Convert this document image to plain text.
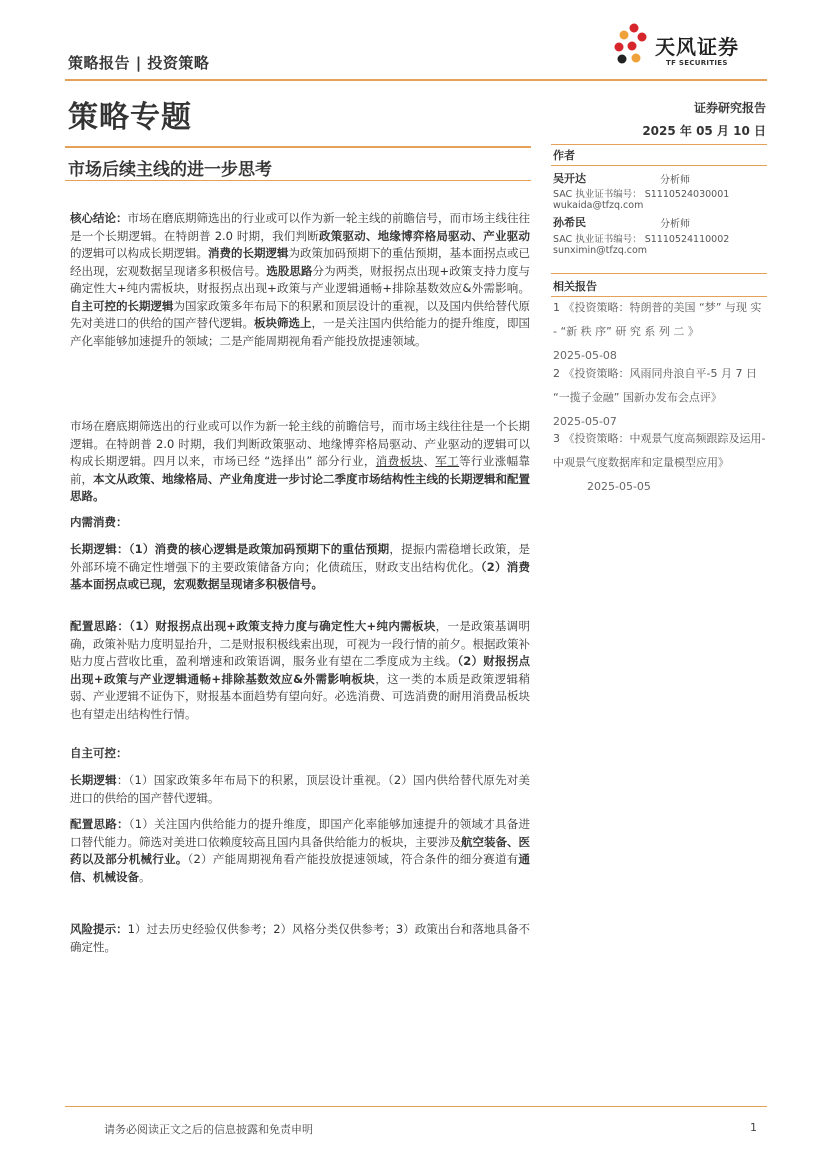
策略报告 | 投资策略
天风证券
TF SECURITIES
策略专题	证券研究报告
2025 年 05 月 10 日
市场后续主线的进一步思考
作者
吴开达	分析师
SAC 执业证书编号： S1110524030001
wukaida@tfzq.com
孙希民	分析师
SAC 执业证书编号： S1110524110002
sunximin@tfzq.com
相关报告
1 《投资策略：特朗普的美国 “梦” 与现 实 - “新 秩 序” 研 究 系 列 二 》
2025-05-08
2 《投资策略：风雨同舟浪自平-5 月 7 日 “一揽子金融” 国新办发布会点评》
2025-05-07
3 《投资策略：中观景气度高频跟踪及运用-中观景气度数据库和定量模型应用》
2025-05-05
核心结论：市场在磨底期筛选出的行业或可以作为新一轮主线的前瞻信号，而市场主线往往是一个长期逻辑。在特朗普 2.0 时期，我们判断政策驱动、地缘博弈格局驱动、产业驱动的逻辑可以构成长期逻辑。消费的长期逻辑为政策加码预期下的重估预期，基本面拐点或已经出现，宏观数据呈现诸多积极信号。选股思路分为两类，财报拐点出现+政策支持力度与确定性大+纯内需板块，财报拐点出现+政策与产业逻辑通畅+排除基数效应&外需影响。自主可控的长期逻辑为国家政策多年布局下的积累和顶层设计的重视，以及国内供给替代原先对美进口的供给的国产替代逻辑。板块筛选上，一是关注国内供给能力的提升维度，即国产化率能够加速提升的领域；二是产能周期视角看产能投放提速领域。
市场在磨底期筛选出的行业或可以作为新一轮主线的前瞻信号，而市场主线往往是一个长期逻辑。在特朗普 2.0 时期，我们判断政策驱动、地缘博弈格局驱动、产业驱动的逻辑可以构成长期逻辑。四月以来，市场已经 “选择出” 部分行业，消费板块、军工等行业涨幅靠前，本文从政策、地缘格局、产业角度进一步讨论二季度市场结构性主线的长期逻辑和配置思路。
内需消费：
长期逻辑：（1）消费的核心逻辑是政策加码预期下的重估预期，提振内需稳增长政策，是外部环境不确定性增强下的主要政策储备方向；化债疏压，财政支出结构优化。（2）消费基本面拐点或已现，宏观数据呈现诸多积极信号。
配置思路：（1）财报拐点出现+政策支持力度与确定性大+纯内需板块，一是政策基调明确，政策补贴力度明显抬升，二是财报积极线索出现，可视为一段行情的前夕。根据政策补贴力度占营收比重，盈利增速和政策语调，服务业有望在二季度成为主线。（2）财报拐点出现+政策与产业逻辑通畅+排除基数效应&外需影响板块，这一类的本质是政策逻辑稍弱、产业逻辑不证伪下，财报基本面趋势有望向好。必选消费、可选消费的耐用消费品板块也有望走出结构性行情。
自主可控：
长期逻辑：（1）国家政策多年布局下的积累，顶层设计重视。（2）国内供给替代原先对美进口的供给的国产替代逻辑。
配置思路：（1）关注国内供给能力的提升维度，即国产化率能够加速提升的领域才具备进口替代能力。筛选对美进口依赖度较高且国内具备供给能力的板块，主要涉及航空装备、医药以及部分机械行业。（2）产能周期视角看产能投放提速领域，符合条件的细分赛道有通信、机械设备。
风险提示：1）过去历史经验仅供参考；2）风格分类仅供参考；3）政策出台和落地具备不确定性。
请务必阅读正文之后的信息披露和免责申明	1
